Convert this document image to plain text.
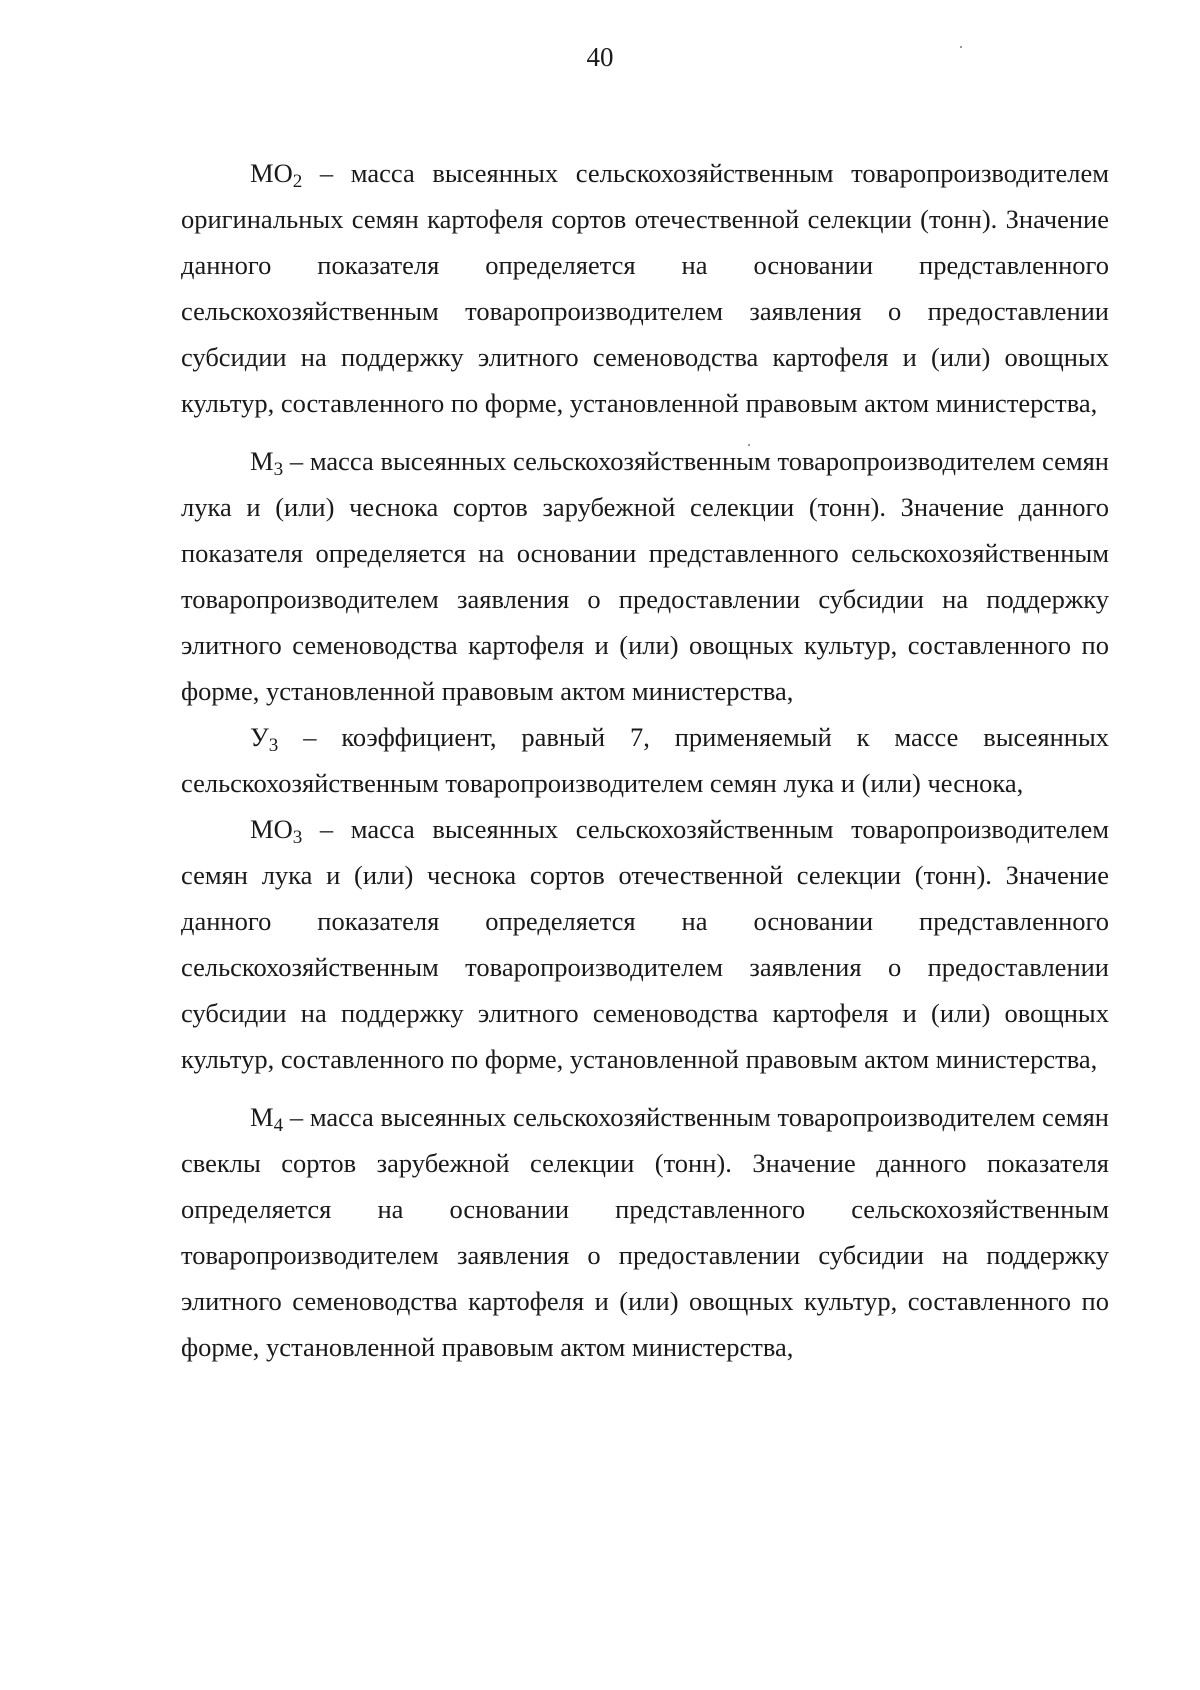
40

$МО_2$ – масса высеянных сельскохозяйственным товаропроизводителем оригинальных семян картофеля сортов отечественной селекции (тонн). Значение данного показателя определяется на основании представленного сельскохозяйственным товаропроизводителем заявления о предоставлении субсидии на поддержку элитного семеноводства картофеля и (или) овощных культур, составленного по форме, установленной правовым актом министерства,

$М_3$ – масса высеянных сельскохозяйственным товаропроизводителем семян лука и (или) чеснока сортов зарубежной селекции (тонн). Значение данного показателя определяется на основании представленного сельскохозяйственным товаропроизводителем заявления о предоставлении субсидии на поддержку элитного семеноводства картофеля и (или) овощных культур, составленного по форме, установленной правовым актом министерства,

$У_3$ – коэффициент, равный 7, применяемый к массе высеянных сельскохозяйственным товаропроизводителем семян лука и (или) чеснока,

$МО_3$ – масса высеянных сельскохозяйственным товаропроизводителем семян лука и (или) чеснока сортов отечественной селекции (тонн). Значение данного показателя определяется на основании представленного сельскохозяйственным товаропроизводителем заявления о предоставлении субсидии на поддержку элитного семеноводства картофеля и (или) овощных культур, составленного по форме, установленной правовым актом министерства,

$М_4$ – масса высеянных сельскохозяйственным товаропроизводителем семян свеклы сортов зарубежной селекции (тонн). Значение данного показателя определяется на основании представленного сельскохозяйственным товаропроизводителем заявления о предоставлении субсидии на поддержку элитного семеноводства картофеля и (или) овощных культур, составленного по форме, установленной правовым актом министерства,
